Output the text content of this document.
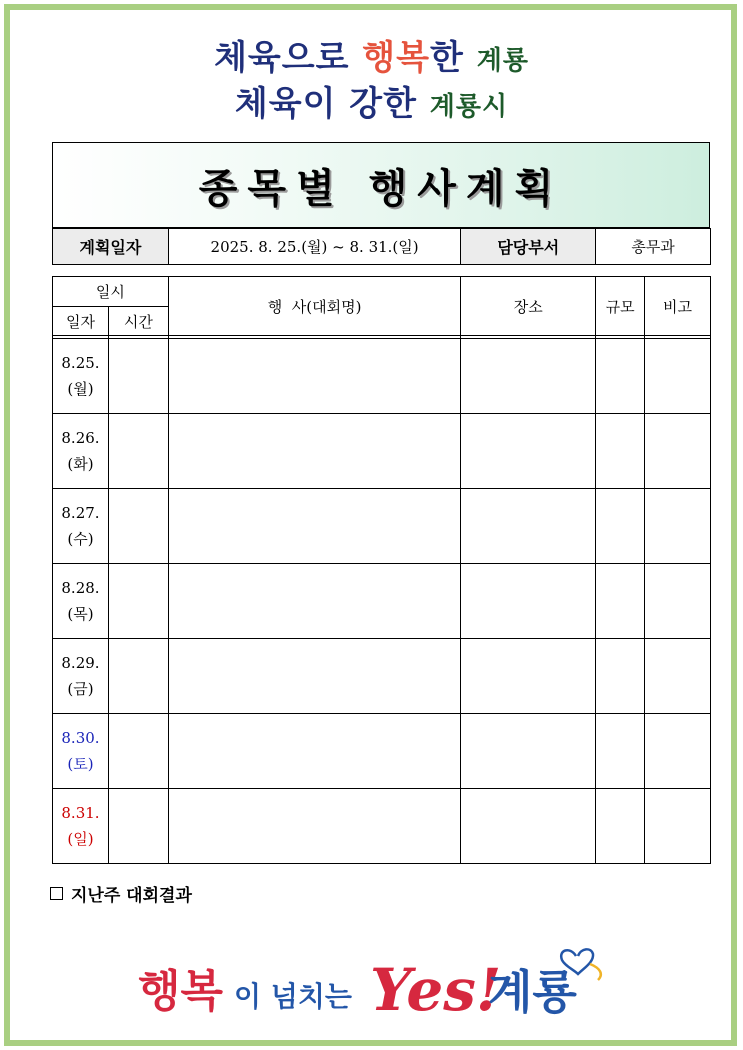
체육으로 행복한 계룡
체육이 강한 계룡시
종목별 행사계획
계획일자	2025. 8. 25.(월) ~ 8. 31.(일)	담당부서	총무과
일시		행  사(대회명)	장소	규모	비고
일자	시간				

8.25.
(월)					

8.26.
(화)					

8.27.
(수)					

8.28.
(목)					

8.29.
(금)					

8.30.
(토)					

8.31.
(일)					

지난주 대회결과
행복 이 넘치는 Yes!
계룡
